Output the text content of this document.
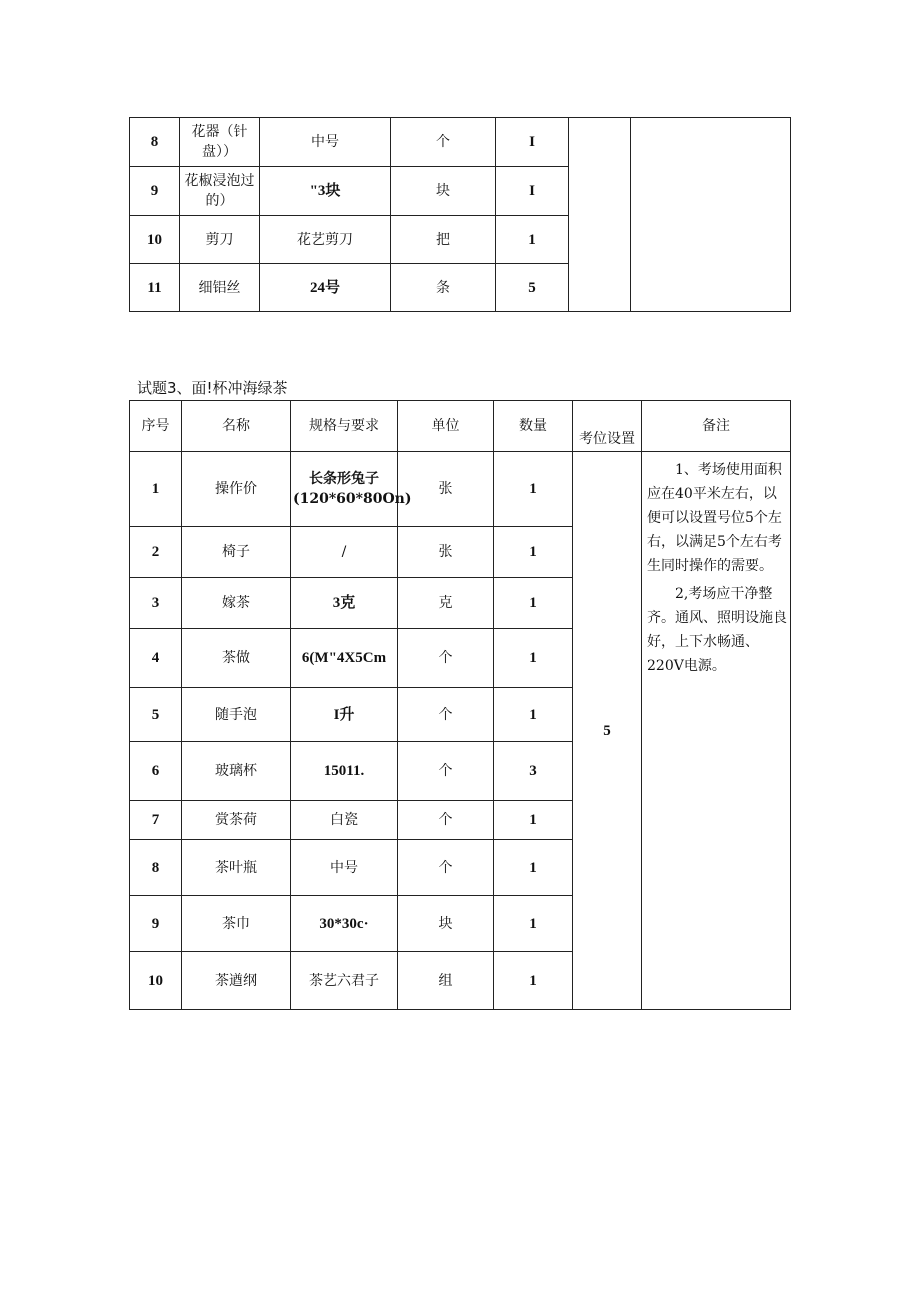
8	花器（针盘））	中号	个	I		
9	花椒浸泡过的）	"3块	块	I		
10	剪刀	花艺剪刀	把	1		
11	细铝丝	24号	条	5		
试题3、面!杯冲海绿茶
序号	名称	规格与要求	单位	数量	考位设置	备注
1	操作价	长条形兔子(120*60*80On)	张	1	5	1、考场使用面积应在40平米左右，以便可以设置号位5个左右，以满足5个左右考生同时操作的需要。

2,考场应干净整齐。通风、照明设施良好，上下水畅通、220V电源。

2	椅子	/	张	1		
3	嫁茶	3克	克	1		
4	茶做	6(M"4X5Cm	个	1		
5	随手泡	I升	个	1		
6	玻璃杯	15011.	个	3		
7	赏茶荷	白瓷	个	1		
8	茶叶瓶	中号	个	1		
9	茶巾	30*30c·	块	1		
10	茶遒纲	茶艺六君子	组	1		
